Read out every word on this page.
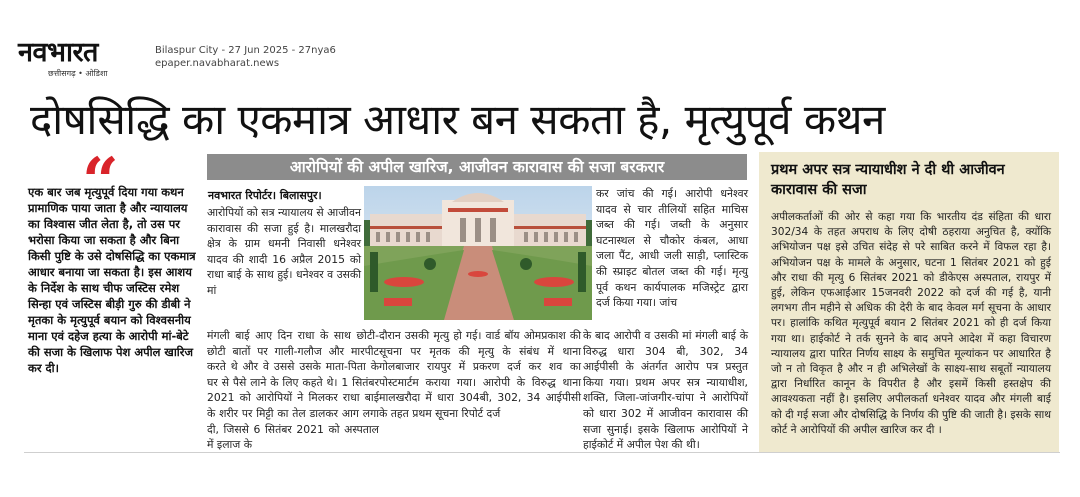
नवभारत
छत्तीसगढ़ • ओडिशा
Bilaspur City - 27 Jun 2025 - 27nya6
epaper.navabharat.news
दोषसिद्धि का एकमात्र आधार बन सकता है, मृत्युपूर्व कथन
“
एक बार जब मृत्युपूर्व दिया गया कथन प्रामाणिक पाया जाता है और न्यायालय का विश्वास जीत लेता है, तो उस पर भरोसा किया जा सकता है और बिना किसी पुष्टि के उसे दोषसिद्धि का एकमात्र आधार बनाया जा सकता है। इस आशय के निर्देश के साथ चीफ जस्टिस रमेश सिन्हा एवं जस्टिस बीड़ी गुरु की डीबी ने मृतका के मृत्युपूर्व बयान को विश्वसनीय माना एवं दहेज हत्या के आरोपी मां-बेटे की सजा के खिलाफ पेश अपील खारिज कर दी।
आरोपियों की अपील खारिज, आजीवन कारावास की सजा बरकरार
नवभारत रिपोर्टर। बिलासपुर।
आरोपियों को सत्र न्यायालय से आजीवन कारावास की सजा हुई है। मालखरौदा क्षेत्र के ग्राम धमनी निवासी धनेश्वर यादव की शादी 16 अप्रैल 2015 को राधा बाई के साथ हुई। धनेश्वर व उसकी मां
मंगली बाई आए दिन राधा के साथ छोटी-छोटी बातों पर गाली-गलौज और मारपीट करते थे और वे उससे उसके माता-पिता के घर से पैसे लाने के लिए कहते थे। 1 सितंबर 2021 को आरोपियों ने मिलकर राधा बाई के शरीर पर मिट्टी का तेल डालकर आग लगा दी, जिससे 6 सितंबर 2021 को अस्पताल में इलाज के
दौरान उसकी मृत्यु हो गई। वार्ड बॉय ओमप्रकाश की सूचना पर मृतक की मृत्यु के संबंध में थाना गोलबाजार रायपुर में प्रकरण दर्ज कर शव का पोस्टमार्टम कराया गया। आरोपी के विरुद्ध थाना मालखरौदा में धारा 304बी, 302, 34 आईपीसी के तहत प्रथम सूचना रिपोर्ट दर्ज
कर जांच की गई। आरोपी धनेश्वर यादव से चार तीलियों सहित माचिस जब्त की गई। जब्ती के अनुसार घटनास्थल से चौकोर कंबल, आधा जला पैंट, आधी जली साड़ी, प्लास्टिक की स्प्राइट बोतल जब्त की गई। मृत्यु पूर्व कथन कार्यपालक मजिस्ट्रेट द्वारा दर्ज किया गया। जांच
के बाद आरोपी व उसकी मां मंगली बाई के विरुद्ध धारा 304 बी, 302, 34 आईपीसी के अंतर्गत आरोप पत्र प्रस्तुत किया गया। प्रथम अपर सत्र न्यायाधीश, शक्ति, जिला-जांजगीर-चांपा ने आरोपियों को धारा 302 में आजीवन कारावास की सजा सुनाई। इसके खिलाफ आरोपियों ने हाईकोर्ट में अपील पेश की थी।
प्रथम अपर सत्र न्यायाधीश ने दी थी आजीवन कारावास की सजा
अपीलकर्ताओं की ओर से कहा गया कि भारतीय दंड संहिता की धारा 302/34 के तहत अपराध के लिए दोषी ठहराया अनुचित है, क्योंकि अभियोजन पक्ष इसे उचित संदेह से परे साबित करने में विफल रहा है। अभियोजन पक्ष के मामले के अनुसार, घटना 1 सितंबर 2021 को हुई और राधा की मृत्यु 6 सितंबर 2021 को डीकेएस अस्पताल, रायपुर में हुई, लेकिन एफआईआर 15जनवरी 2022 को दर्ज की गई है, यानी लगभग तीन महीने से अधिक की देरी के बाद केवल मर्ग सूचना के आधार पर। हालांकि कथित मृत्युपूर्व बयान 2 सितंबर 2021 को ही दर्ज किया गया था। हाईकोर्ट ने तर्क सुनने के बाद अपने आदेश में कहा विचारण न्यायालय द्वारा पारित निर्णय साक्ष्य के समुचित मूल्यांकन पर आधारित है जो न तो विकृत है और न ही अभिलेखों के साक्ष्य-साथ सबूतों न्यायालय द्वारा निर्धारित कानून के विपरीत है और इसमें किसी हस्तक्षेप की आवश्यकता नहीं है। इसलिए अपीलकर्ता धनेश्वर यादव और मंगली बाई को दी गई सजा और दोषसिद्धि के निर्णय की पुष्टि की जाती है। इसके साथ कोर्ट ने आरोपियों की अपील खारिज कर दी ।
